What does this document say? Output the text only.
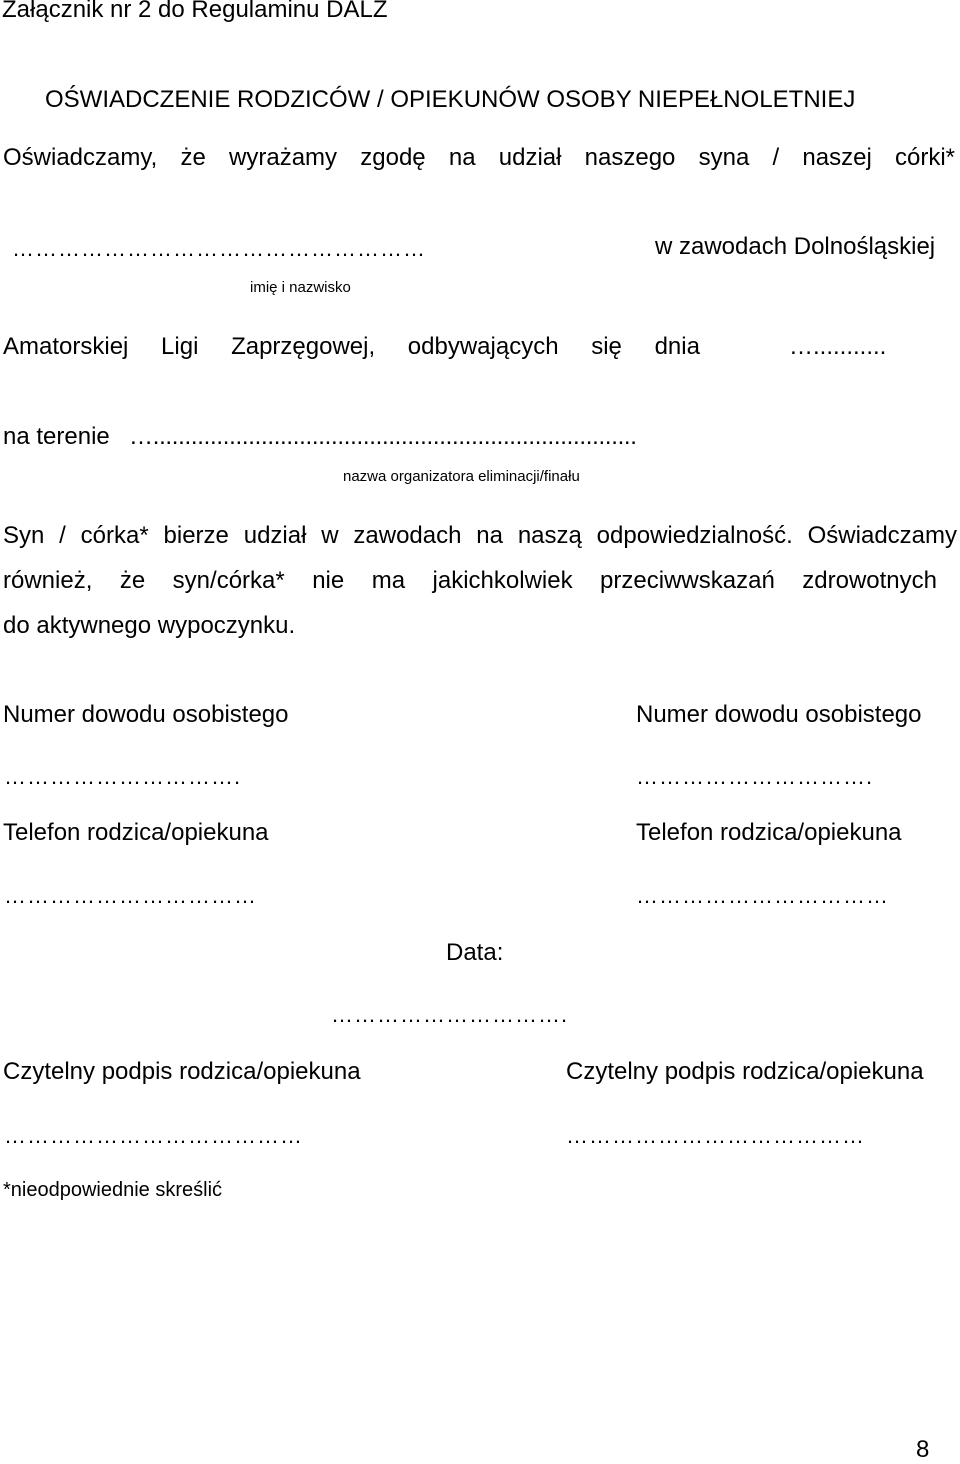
Załącznik nr 2 do Regulaminu DALZ
OŚWIADCZENIE RODZICÓW / OPIEKUNÓW OSOBY NIEPEŁNOLETNIEJ
Oświadczamy, że wyrażamy zgodę na udział naszego syna / naszej córki*
………………………………………………	w zawodach Dolnośląskiej
imię i nazwisko
Amatorskiej Ligi Zaprzęgowej, odbywających się dnia	…...........
na terenie …............................................................................
nazwa organizatora eliminacji/finału
Syn / córka* bierze udział w zawodach na naszą odpowiedzialność. Oświadczamy
również, że syn/córka* nie ma jakichkolwiek przeciwwskazań zdrowotnych
do aktywnego wypoczynku.
Numer dowodu osobistego	Numer dowodu osobistego
………………………….	………………………….
Telefon rodzica/opiekuna	Telefon rodzica/opiekuna
……………………………	……………………………
Data:
………………………….
Czytelny podpis rodzica/opiekuna	Czytelny podpis rodzica/opiekuna
…………………………………	…………………………………
*nieodpowiednie skreślić
8
